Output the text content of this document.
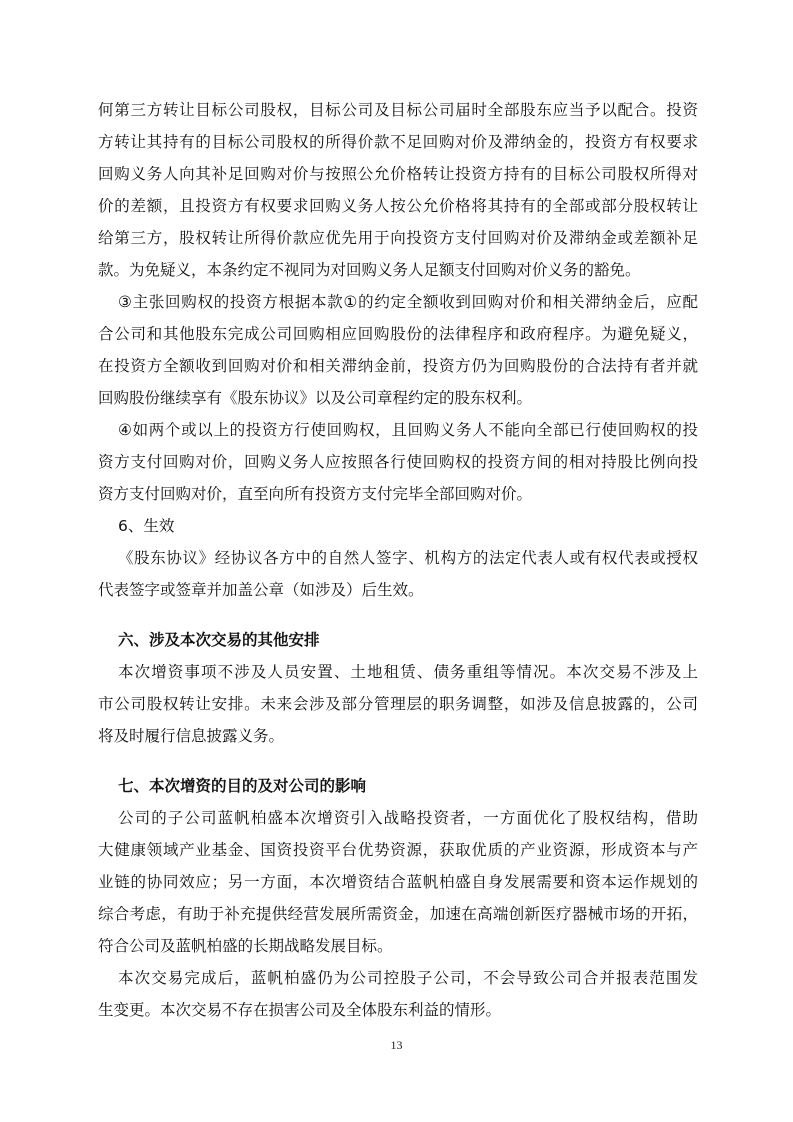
何第三方转让目标公司股权，目标公司及目标公司届时全部股东应当予以配合。投资
方转让其持有的目标公司股权的所得价款不足回购对价及滞纳金的，投资方有权要求
回购义务人向其补足回购对价与按照公允价格转让投资方持有的目标公司股权所得对
价的差额，且投资方有权要求回购义务人按公允价格将其持有的全部或部分股权转让
给第三方，股权转让所得价款应优先用于向投资方支付回购对价及滞纳金或差额补足
款。为免疑义，本条约定不视同为对回购义务人足额支付回购对价义务的豁免。
③主张回购权的投资方根据本款①的约定全额收到回购对价和相关滞纳金后，应配
合公司和其他股东完成公司回购相应回购股份的法律程序和政府程序。为避免疑义，
在投资方全额收到回购对价和相关滞纳金前，投资方仍为回购股份的合法持有者并就
回购股份继续享有《股东协议》以及公司章程约定的股东权利。
④如两个或以上的投资方行使回购权，且回购义务人不能向全部已行使回购权的投
资方支付回购对价，回购义务人应按照各行使回购权的投资方间的相对持股比例向投
资方支付回购对价，直至向所有投资方支付完毕全部回购对价。
6、生效
《股东协议》经协议各方中的自然人签字、机构方的法定代表人或有权代表或授权
代表签字或签章并加盖公章（如涉及）后生效。
六、涉及本次交易的其他安排
本次增资事项不涉及人员安置、土地租赁、债务重组等情况。本次交易不涉及上
市公司股权转让安排。未来会涉及部分管理层的职务调整，如涉及信息披露的，公司
将及时履行信息披露义务。
七、本次增资的目的及对公司的影响
公司的子公司蓝帆柏盛本次增资引入战略投资者，一方面优化了股权结构，借助
大健康领域产业基金、国资投资平台优势资源，获取优质的产业资源，形成资本与产
业链的协同效应；另一方面，本次增资结合蓝帆柏盛自身发展需要和资本运作规划的
综合考虑，有助于补充提供经营发展所需资金，加速在高端创新医疗器械市场的开拓，
符合公司及蓝帆柏盛的长期战略发展目标。
本次交易完成后，蓝帆柏盛仍为公司控股子公司，不会导致公司合并报表范围发
生变更。本次交易不存在损害公司及全体股东利益的情形。
13
